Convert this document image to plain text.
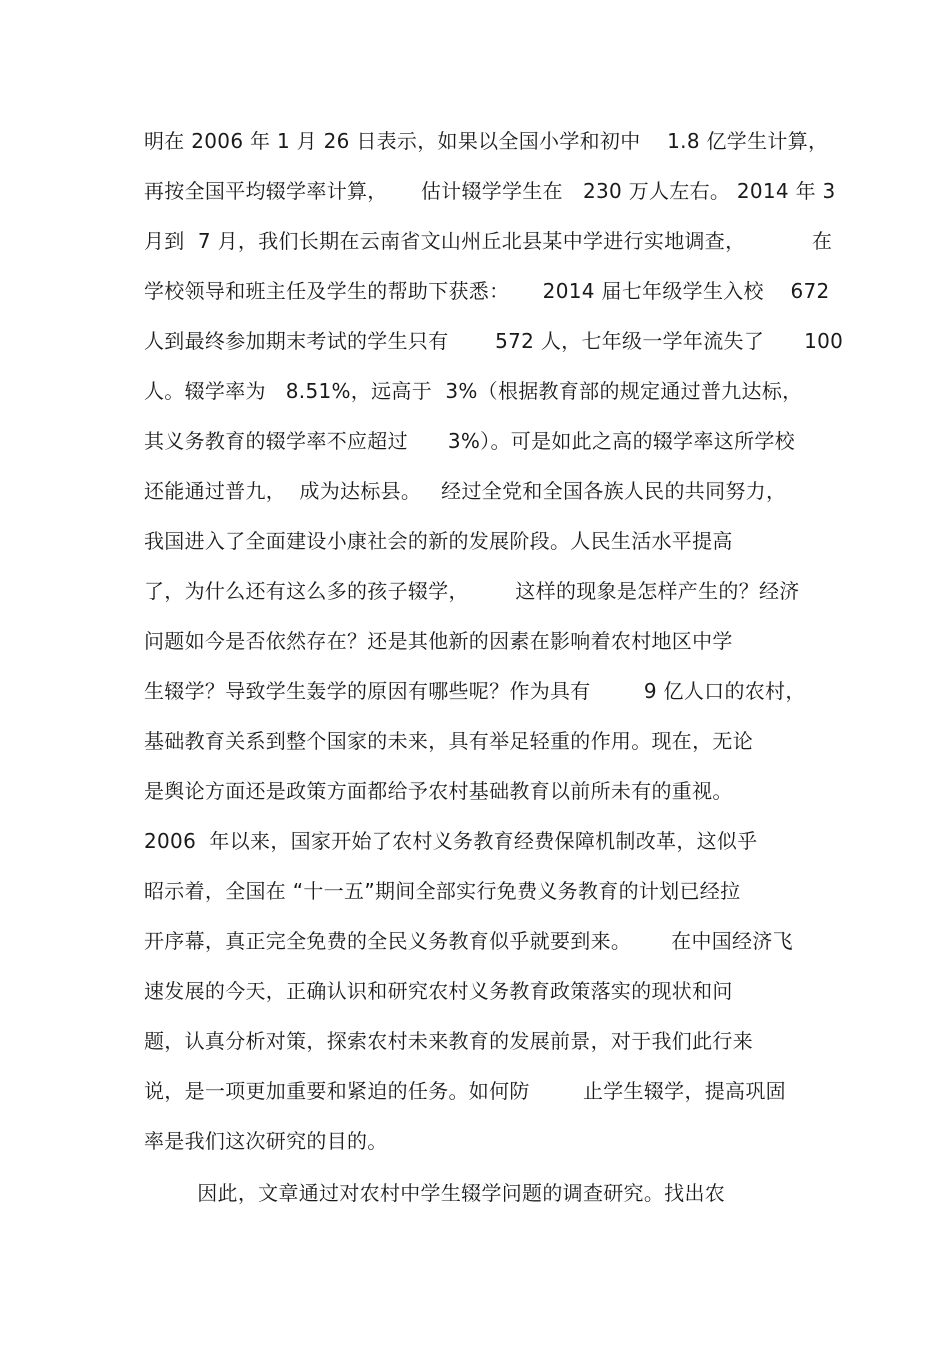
明在 2006 年 1 月 26 日表示，如果以全国小学和初中    1.8 亿学生计算，
再按全国平均辍学率计算，     估计辍学学生在   230 万人左右。 2014 年 3
月到  7 月，我们长期在云南省文山州丘北县某中学进行实地调查，          在
学校领导和班主任及学生的帮助下获悉：     2014 届七年级学生入校    672
人到最终参加期末考试的学生只有       572 人，七年级一学年流失了      100
人。辍学率为   8.51%，远高于  3%（根据教育部的规定通过普九达标，
其义务教育的辍学率不应超过      3%）。可是如此之高的辍学率这所学校
还能通过普九，  成为达标县。   经过全党和全国各族人民的共同努力，
我国进入了全面建设小康社会的新的发展阶段。人民生活水平提高
了，为什么还有这么多的孩子辍学，       这样的现象是怎样产生的？经济
问题如今是否依然存在？还是其他新的因素在影响着农村地区中学
生辍学？导致学生轰学的原因有哪些呢？作为具有        9 亿人口的农村，
基础教育关系到整个国家的未来，具有举足轻重的作用。现在，无论
是舆论方面还是政策方面都给予农村基础教育以前所未有的重视。
2006  年以来，国家开始了农村义务教育经费保障机制改革，这似乎
昭示着，全国在 “十一五”期间全部实行免费义务教育的计划已经拉
开序幕，真正完全免费的全民义务教育似乎就要到来。      在中国经济飞
速发展的今天，正确认识和研究农村义务教育政策落实的现状和问
题，认真分析对策，探索农村未来教育的发展前景，对于我们此行来
说，是一项更加重要和紧迫的任务。如何防        止学生辍学，提高巩固
率是我们这次研究的目的。
因此，文章通过对农村中学生辍学问题的调查研究。找出农
